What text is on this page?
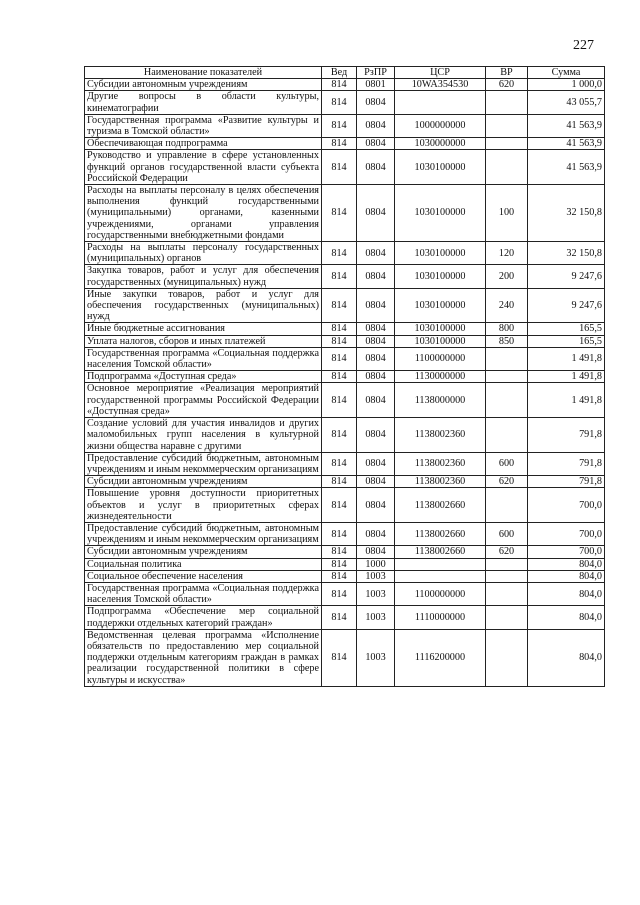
227
Наименование показателей	Вед	РзПР	ЦСР	ВР	Сумма
Субсидии автономным учреждениям	814	0801	10WA354530	620	1 000,0
Другие вопросы в области культуры, кинематографии	814	0804			43 055,7
Государственная программа «Развитие культуры и туризма в Томской области»	814	0804	1000000000		41 563,9
Обеспечивающая подпрограмма	814	0804	1030000000		41 563,9
Руководство и управление в сфере установленных функций органов государственной власти субъекта Российской Федерации	814	0804	1030100000		41 563,9
Расходы на выплаты персоналу в целях обеспечения выполнения функций государственными (муниципальными) органами, казенными учреждениями, органами управления государственными внебюджетными фондами	814	0804	1030100000	100	32 150,8
Расходы на выплаты персоналу государственных (муниципальных) органов	814	0804	1030100000	120	32 150,8
Закупка товаров, работ и услуг для обеспечения государственных (муниципальных) нужд	814	0804	1030100000	200	9 247,6
Иные закупки товаров, работ и услуг для обеспечения государственных (муниципальных) нужд	814	0804	1030100000	240	9 247,6
Иные бюджетные ассигнования	814	0804	1030100000	800	165,5
Уплата налогов, сборов и иных платежей	814	0804	1030100000	850	165,5
Государственная программа «Социальная поддержка населения Томской области»	814	0804	1100000000		1 491,8
Подпрограмма «Доступная среда»	814	0804	1130000000		1 491,8
Основное мероприятие «Реализация мероприятий государственной программы Российской Федерации «Доступная среда»	814	0804	1138000000		1 491,8
Создание условий для участия инвалидов и других маломобильных групп населения в культурной жизни общества наравне с другими	814	0804	1138002360		791,8
Предоставление субсидий бюджетным, автономным учреждениям и иным некоммерческим организациям	814	0804	1138002360	600	791,8
Субсидии автономным учреждениям	814	0804	1138002360	620	791,8
Повышение уровня доступности приоритетных объектов и услуг в приоритетных сферах жизнедеятельности	814	0804	1138002660		700,0
Предоставление субсидий бюджетным, автономным учреждениям и иным некоммерческим организациям	814	0804	1138002660	600	700,0
Субсидии автономным учреждениям	814	0804	1138002660	620	700,0
Социальная политика	814	1000			804,0
Социальное обеспечение населения	814	1003			804,0
Государственная программа «Социальная поддержка населения Томской области»	814	1003	1100000000		804,0
Подпрограмма «Обеспечение мер социальной поддержки отдельных категорий граждан»	814	1003	1110000000		804,0
Ведомственная целевая программа «Исполнение обязательств по предоставлению мер социальной поддержки отдельным категориям граждан в рамках реализации государственной политики в сфере культуры и искусства»	814	1003	1116200000		804,0
